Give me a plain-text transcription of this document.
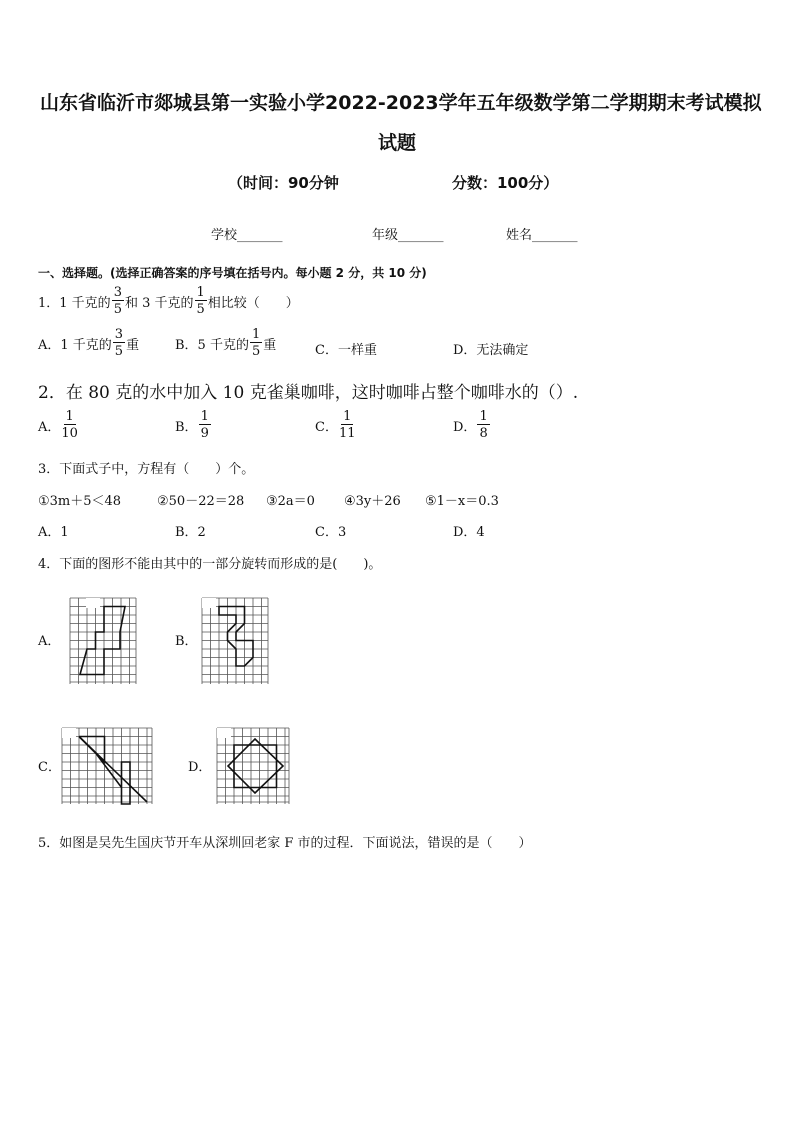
山东省临沂市郯城县第一实验小学2022-2023学年五年级数学第二学期期末考试模拟
试题
（时间：90分钟	分数：100分）
学校_______	年级_______	姓名_______
一、选择题。(选择正确答案的序号填在括号内。每小题 2 分，共 10 分)
1．1 千克的 $\frac{3}{5}$ 和 3 千克的 $\frac{1}{5}$ 相比较（　　）
A．1 千克的 $\frac{3}{5}$ 重	B．5 千克的 $\frac{1}{5}$ 重	C．一样重	D．无法确定
2．在 80 克的水中加入 10 克雀巢咖啡，这时咖啡占整个咖啡水的（）.
A． $\frac{1}{10}$	B． $\frac{1}{9}$	C． $\frac{1}{11}$	D． $\frac{1}{8}$
3．下面式子中，方程有（　　）个。
①3m＋5＜48	②50－22＝28 ③2a＝0 ④3y＋26 ⑤1－x＝0.3
A．1	B．2	C．3	D．4
4．下面的图形不能由其中的一部分旋转而形成的是(　　)。
A．	B．
C．	D．
5．如图是吴先生国庆节开车从深圳回老家 F 市的过程．下面说法，错误的是（　　）
